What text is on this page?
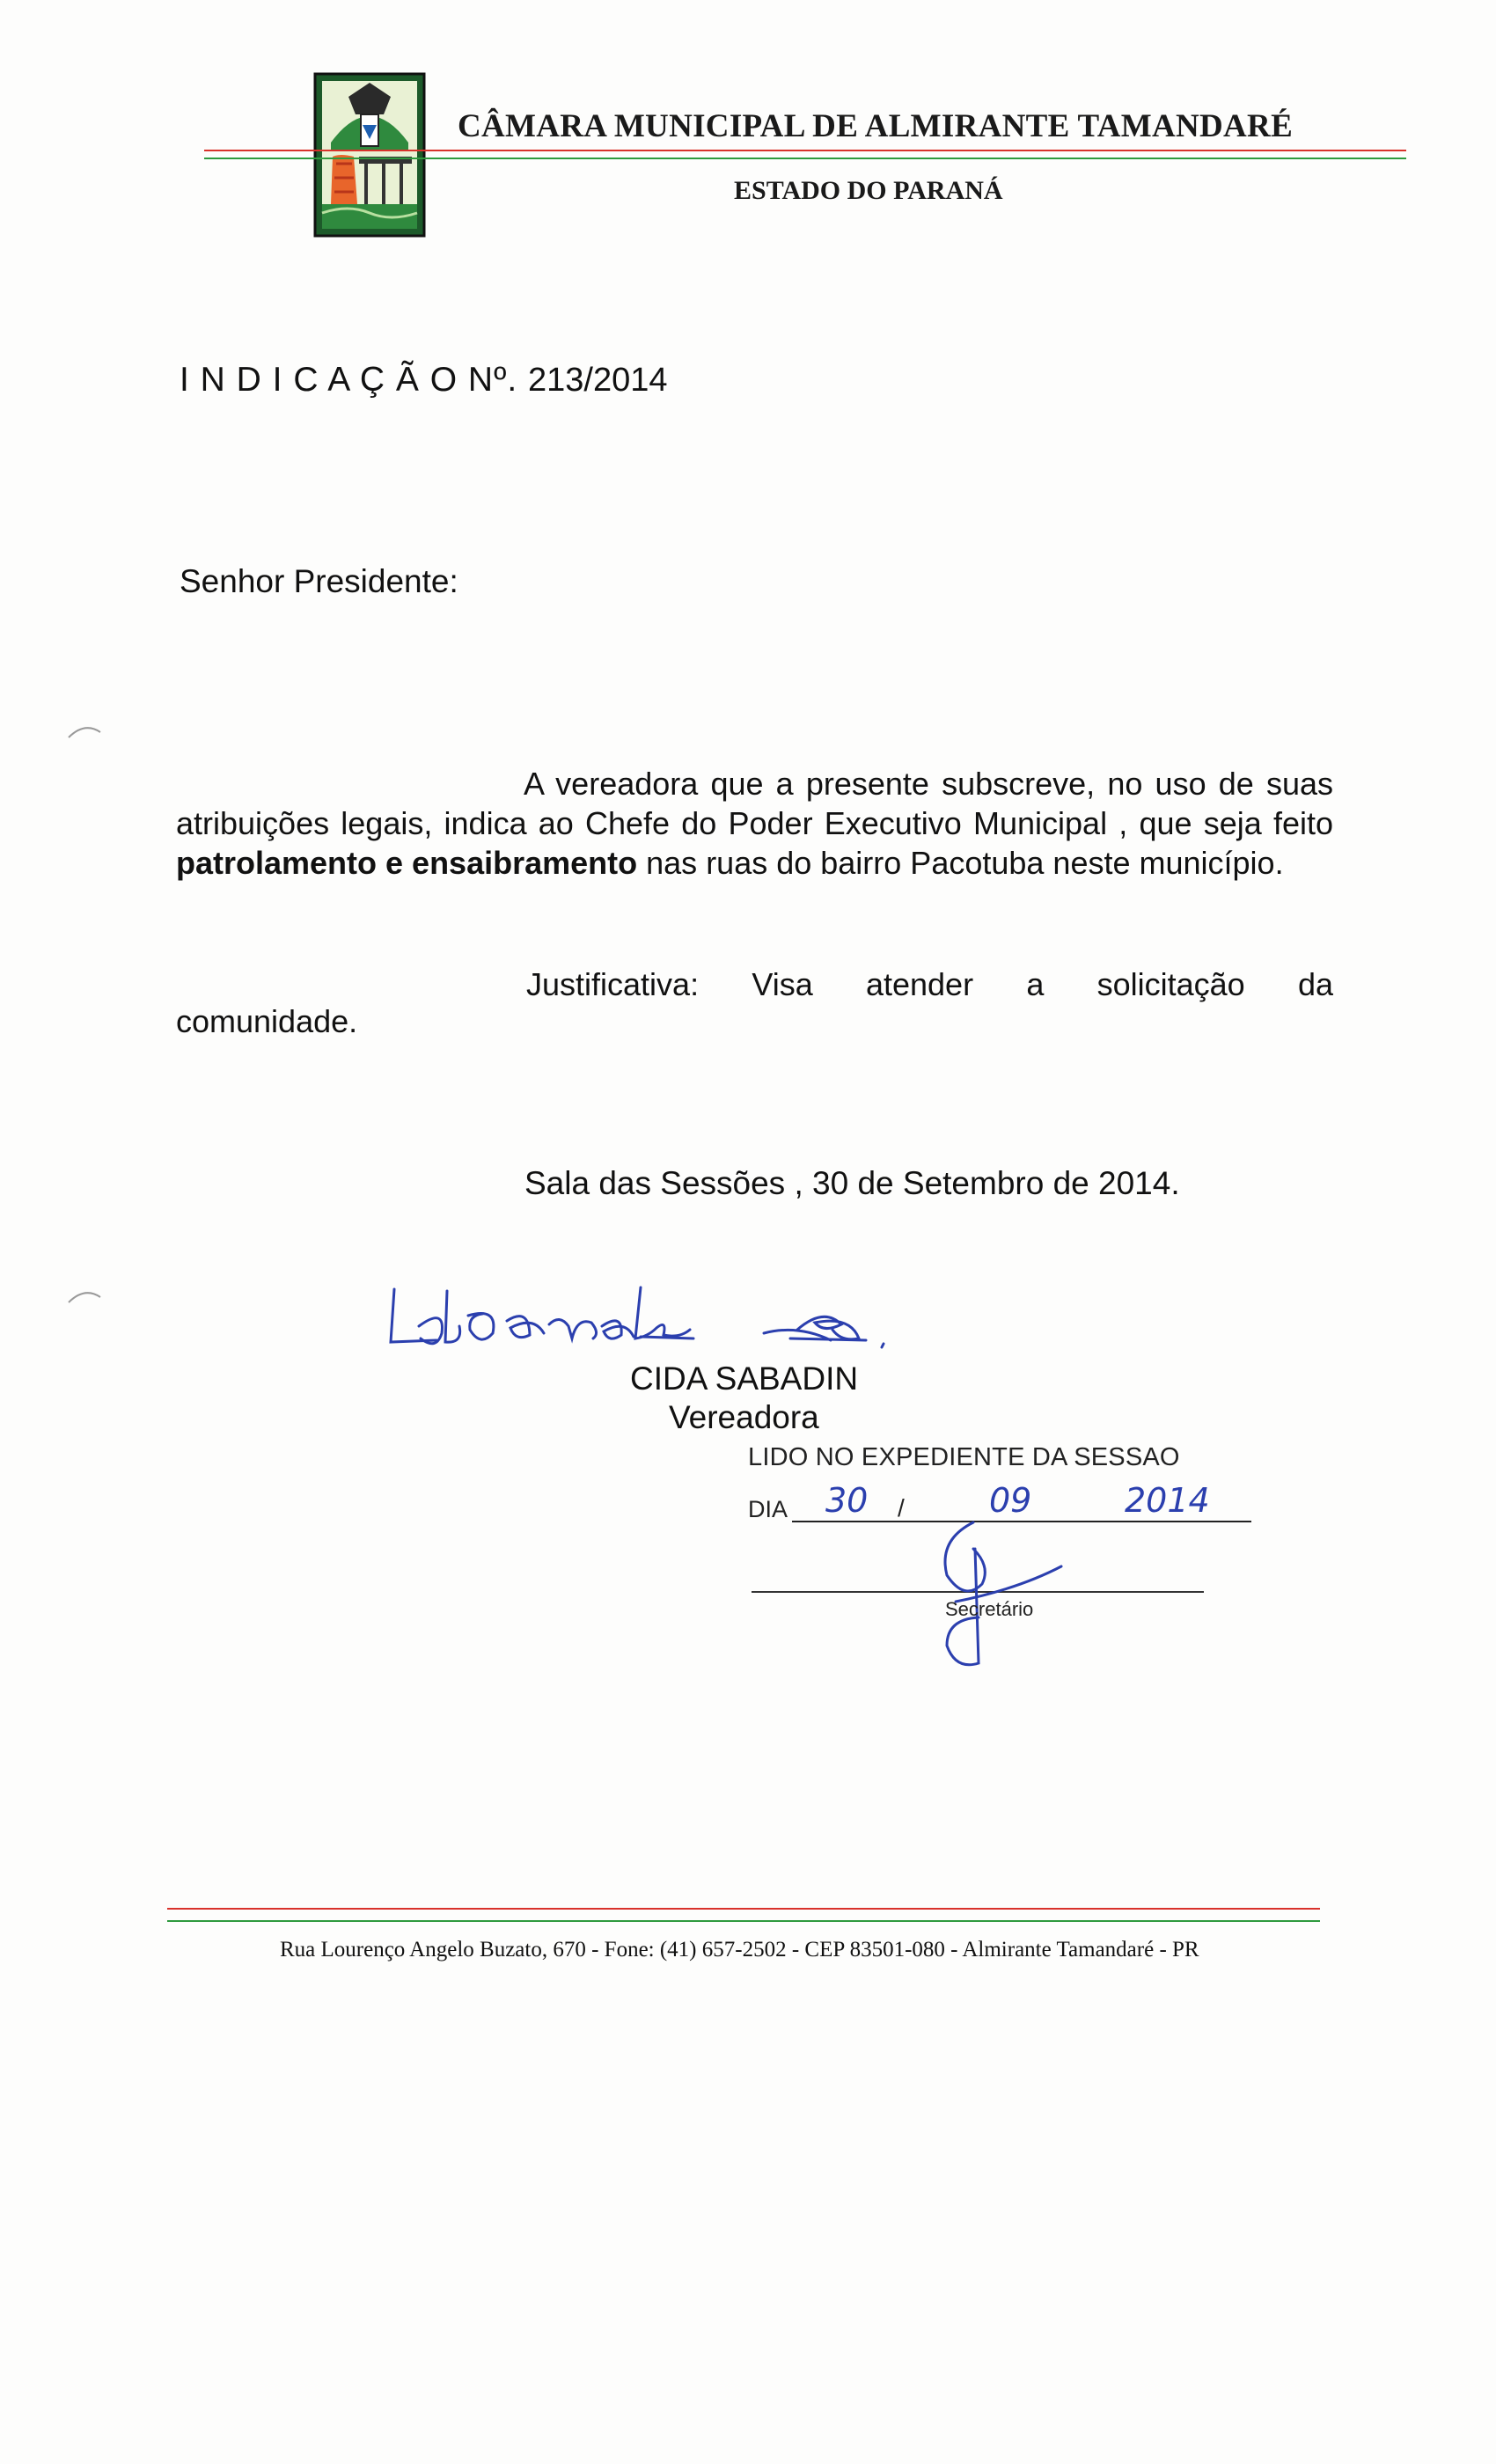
CÂMARA MUNICIPAL DE ALMIRANTE TAMANDARÉ
ESTADO DO PARANÁ
I N D I C A Ç Ã O Nº. 213/2014
Senhor Presidente:

A vereadora que a presente subscreve, no uso de suas atribuições legais, indica ao Chefe do Poder Executivo Municipal , que seja feito patrolamento e ensaibramento nas ruas do bairro Pacotuba neste município.

Justificativa: Visa atender a solicitação da
comunidade.
Sala das Sessões , 30 de Setembro de 2014.
CIDA SABADIN
Vereadora
LIDO NO EXPEDIENTE DA SESSAO
DIA 30 /	09	2014
Secretário
Rua Lourenço Angelo Buzato, 670 - Fone: (41) 657-2502 - CEP 83501-080 - Almirante Tamandaré - PR
